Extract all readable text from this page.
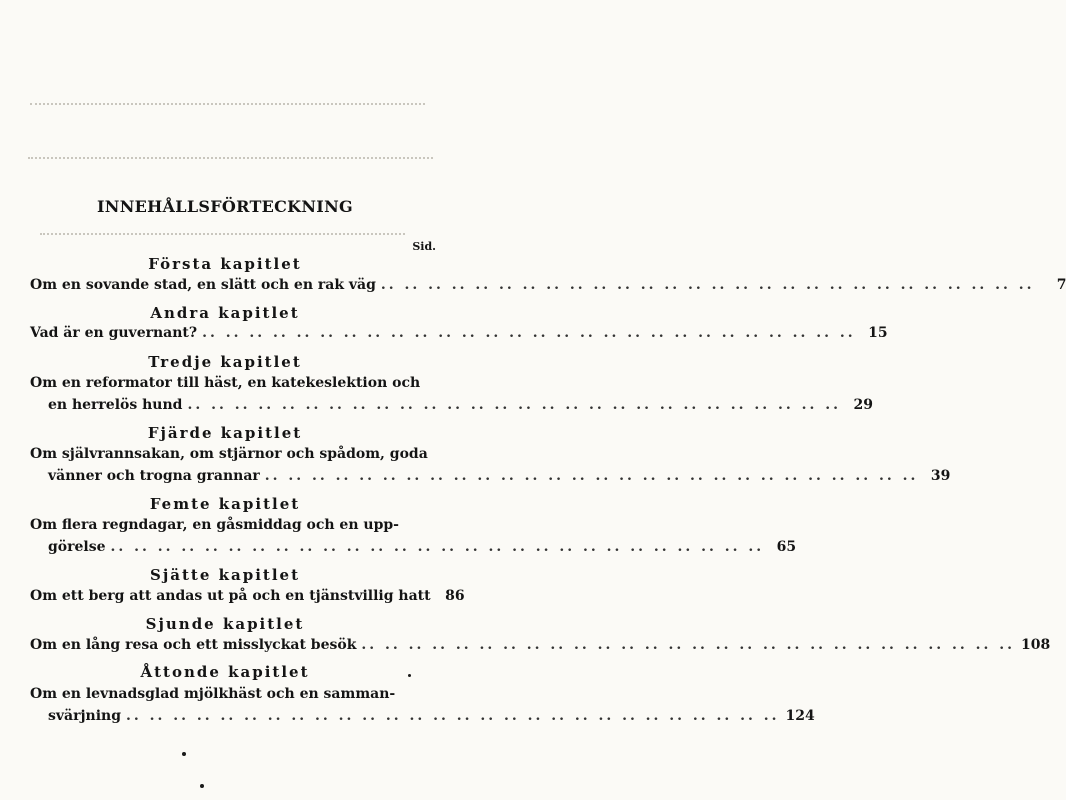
INNEHÅLLSFÖRTECKNING
Sid.
Första kapitlet
Om en sovande stad, en slätt och en rak väg .. ..	7
Andra kapitlet
Vad är en guvernant? .. ..	15
Tredje kapitlet
Om en reformator till häst, en katekeslektion och
en herrelös hund .. ..	29
Fjärde kapitlet
Om självrannsakan, om stjärnor och spådom, goda
vänner och trogna grannar .. ..	39
Femte kapitlet
Om flera regndagar, en gåsmiddag och en upp-
görelse .. ..	65
Sjätte kapitlet
Om ett berg att andas ut på och en tjänstvillig hatt	86
Sjunde kapitlet
Om en lång resa och ett misslyckat besök .. ..	108
Åttonde kapitlet
Om en levnadsglad mjölkhäst och en samman-
svärjning .. ..	124
